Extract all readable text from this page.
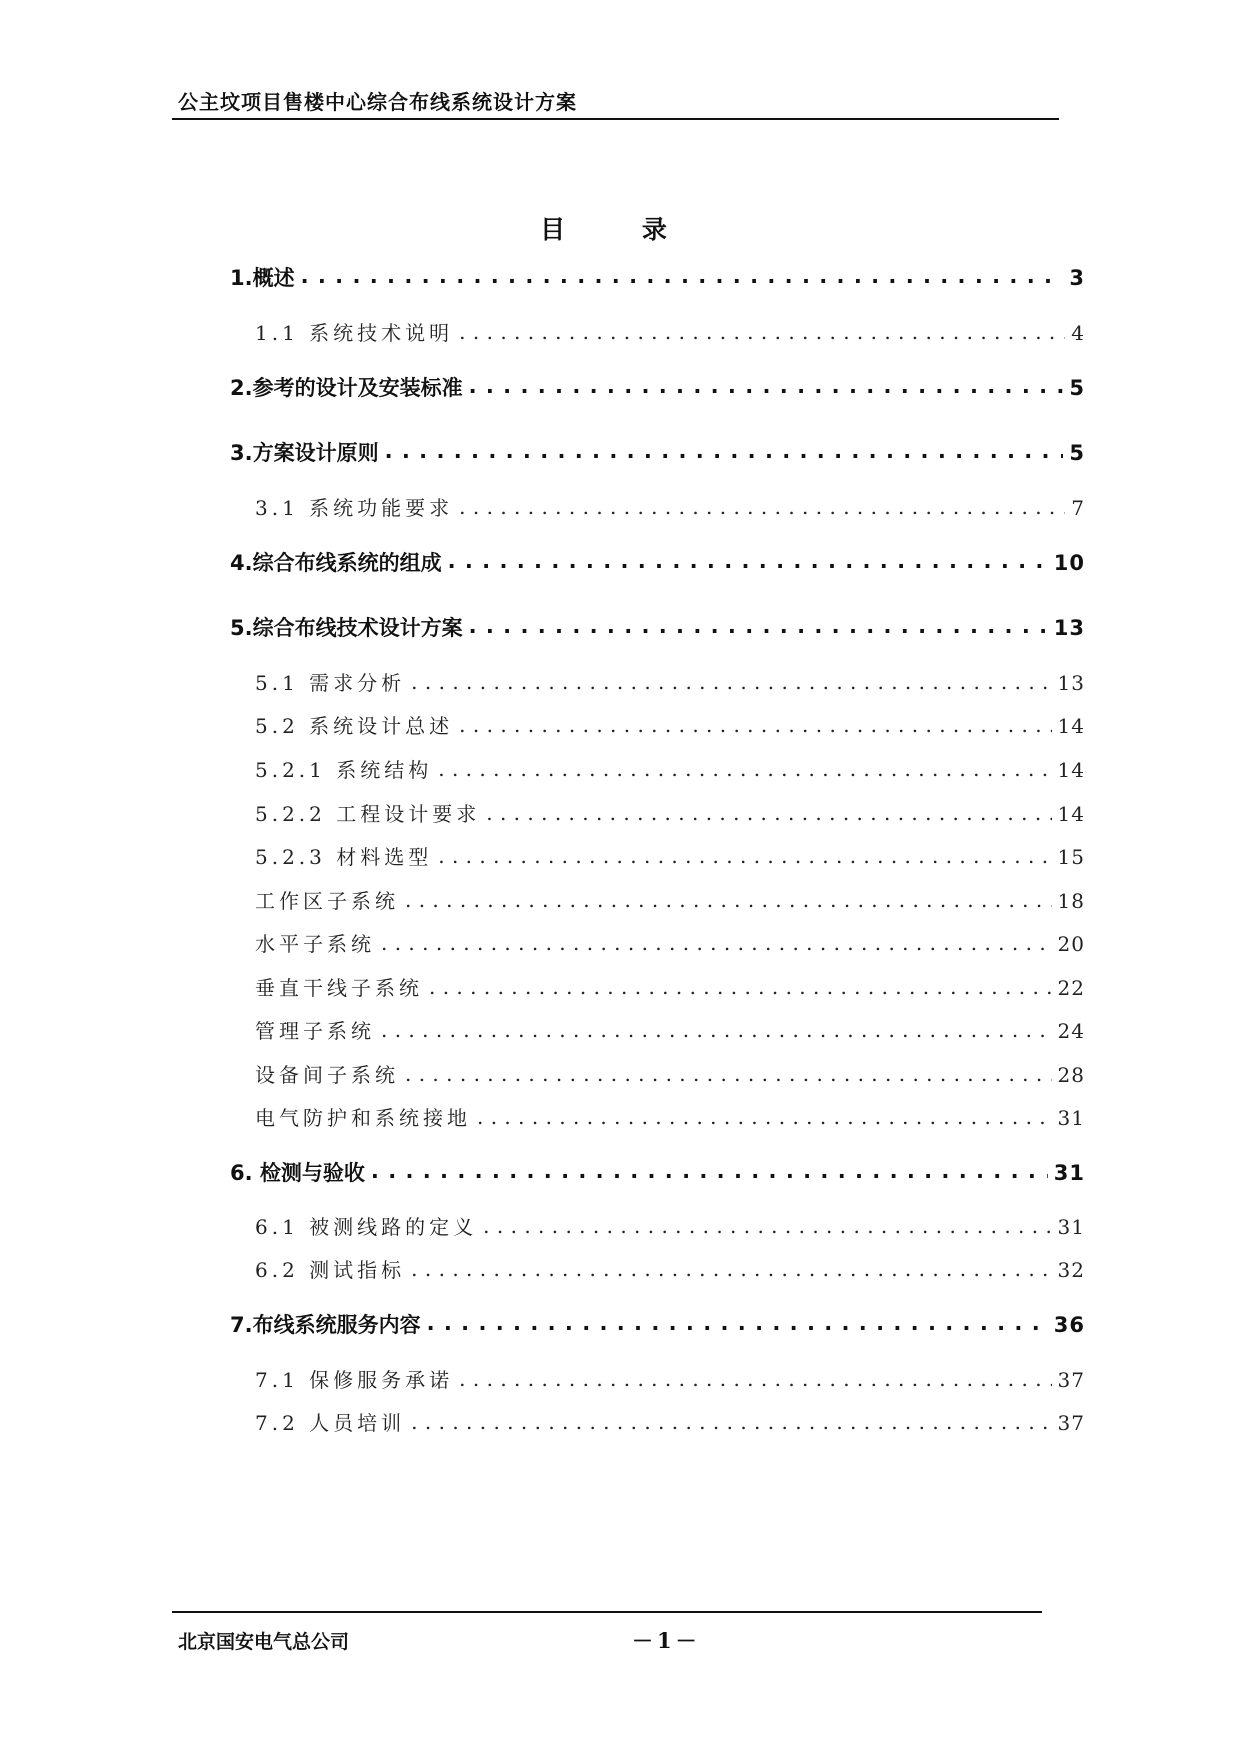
公主坟项目售楼中心综合布线系统设计方案
目 录
1.概述 . . .	3
1.1 系统技术说明 . . .	4
2.参考的设计及安装标准 . . .	5
3.方案设计原则 . . .	5
3.1 系统功能要求 . . .	7
4.综合布线系统的组成 . . .	10
5.综合布线技术设计方案 . . .	13
5.1 需求分析 . . .	13
5.2 系统设计总述 . . .	14
5.2.1 系统结构 . . .	14
5.2.2 工程设计要求 . . .	14
5.2.3 材料选型 . . .	15
工作区子系统 . . .	18
水平子系统 . . .	20
垂直干线子系统 . . .	22
管理子系统 . . .	24
设备间子系统 . . .	28
电气防护和系统接地 . . .	31
6. 检测与验收 . . .	31
6.1 被测线路的定义 . . .	31
6.2 测试指标 . . .	32
7.布线系统服务内容 . . .	36
7.1 保修服务承诺 . . .	37
7.2 人员培训 . . .	37
北京国安电气总公司	－1－
